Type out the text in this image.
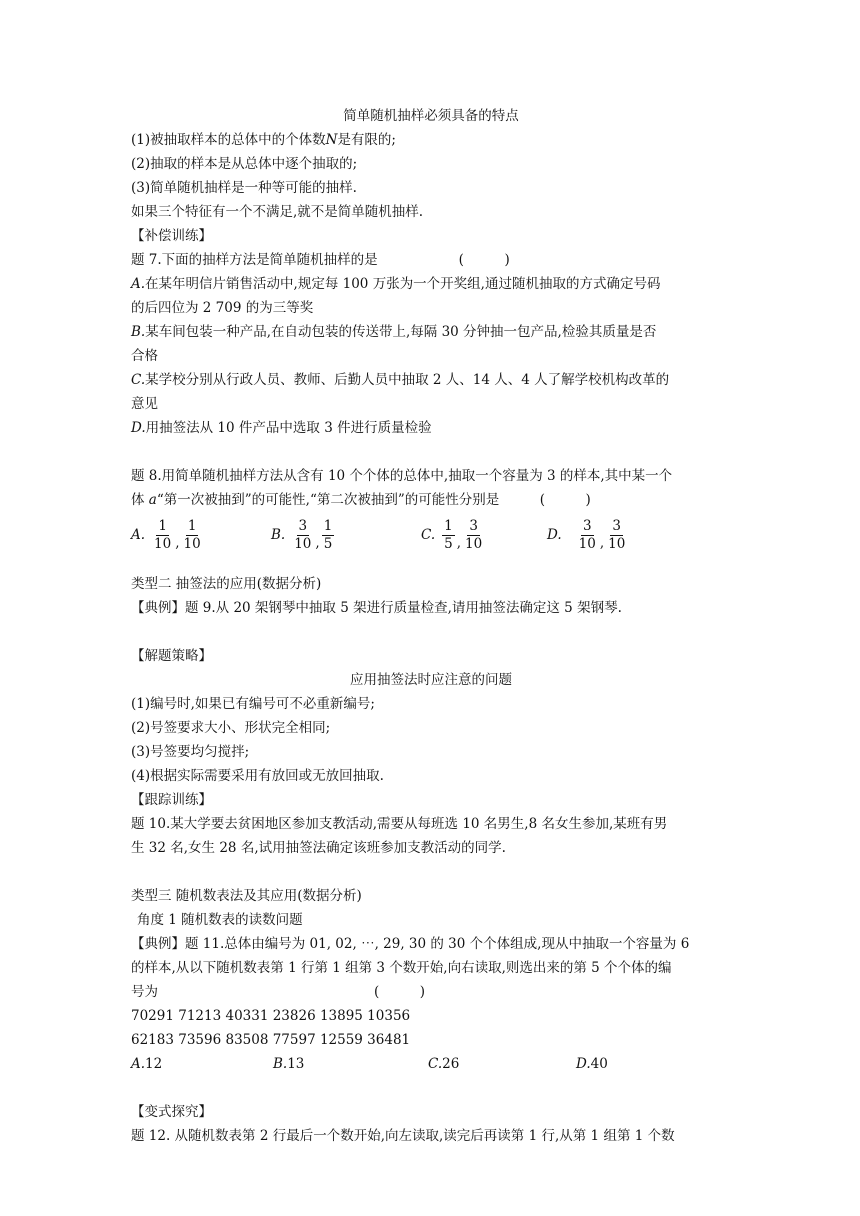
简单随机抽样必须具备的特点
(1)被抽取样本的总体中的个体数N是有限的;
(2)抽取的样本是从总体中逐个抽取的;
(3)简单随机抽样是一种等可能的抽样.
如果三个特征有一个不满足,就不是简单随机抽样.
【补偿训练】
题 7.下面的抽样方法是简单随机抽样的是　　　　　　(　　　)
A.在某年明信片销售活动中,规定每 100 万张为一个开奖组,通过随机抽取的方式确定号码
的后四位为 2 709 的为三等奖
B.某车间包装一种产品,在自动包装的传送带上,每隔 30 分钟抽一包产品,检验其质量是否
合格
C.某学校分别从行政人员、教师、后勤人员中抽取 2 人、14 人、4 人了解学校机构改革的
意见
D.用抽签法从 10 件产品中选取 3 件进行质量检验
题 8.用简单随机抽样方法从含有 10 个个体的总体中,抽取一个容量为 3 的样本,其中某一个
体 a“第一次被抽到”的可能性,“第二次被抽到”的可能性分别是　　　(　　　)
A. $\frac{1}{10}$ , $\frac{1}{10}$	B. $\frac{3}{10}$ , $\frac{1}{5}$	C. $\frac{1}{5}$ , $\frac{3}{10}$	D. $\frac{3}{10}$ , $\frac{3}{10}$
类型二 抽签法的应用(数据分析)
【典例】题 9.从 20 架钢琴中抽取 5 架进行质量检查,请用抽签法确定这 5 架钢琴.
【解题策略】
应用抽签法时应注意的问题
(1)编号时,如果已有编号可不必重新编号;
(2)号签要求大小、形状完全相同;
(3)号签要均匀搅拌;
(4)根据实际需要采用有放回或无放回抽取.
【跟踪训练】
题 10.某大学要去贫困地区参加支教活动,需要从每班选 10 名男生,8 名女生参加,某班有男
生 32 名,女生 28 名,试用抽签法确定该班参加支教活动的同学.
类型三 随机数表法及其应用(数据分析)
角度 1 随机数表的读数问题
【典例】题 11.总体由编号为 01, 02, ⋯, 29, 30 的 30 个个体组成,现从中抽取一个容量为 6
的样本,从以下随机数表第 1 行第 1 组第 3 个数开始,向右读取,则选出来的第 5 个个体的编
号为　　　　　　　　　　　　　　　　(　　　)
70291 71213 40331 23826 13895 10356
62183 73596 83508 77597 12559 36481
A.12	B.13	C.26	D.40
【变式探究】
题 12. 从随机数表第 2 行最后一个数开始,向左读取,读完后再读第 1 行,从第 1 组第 1 个数
